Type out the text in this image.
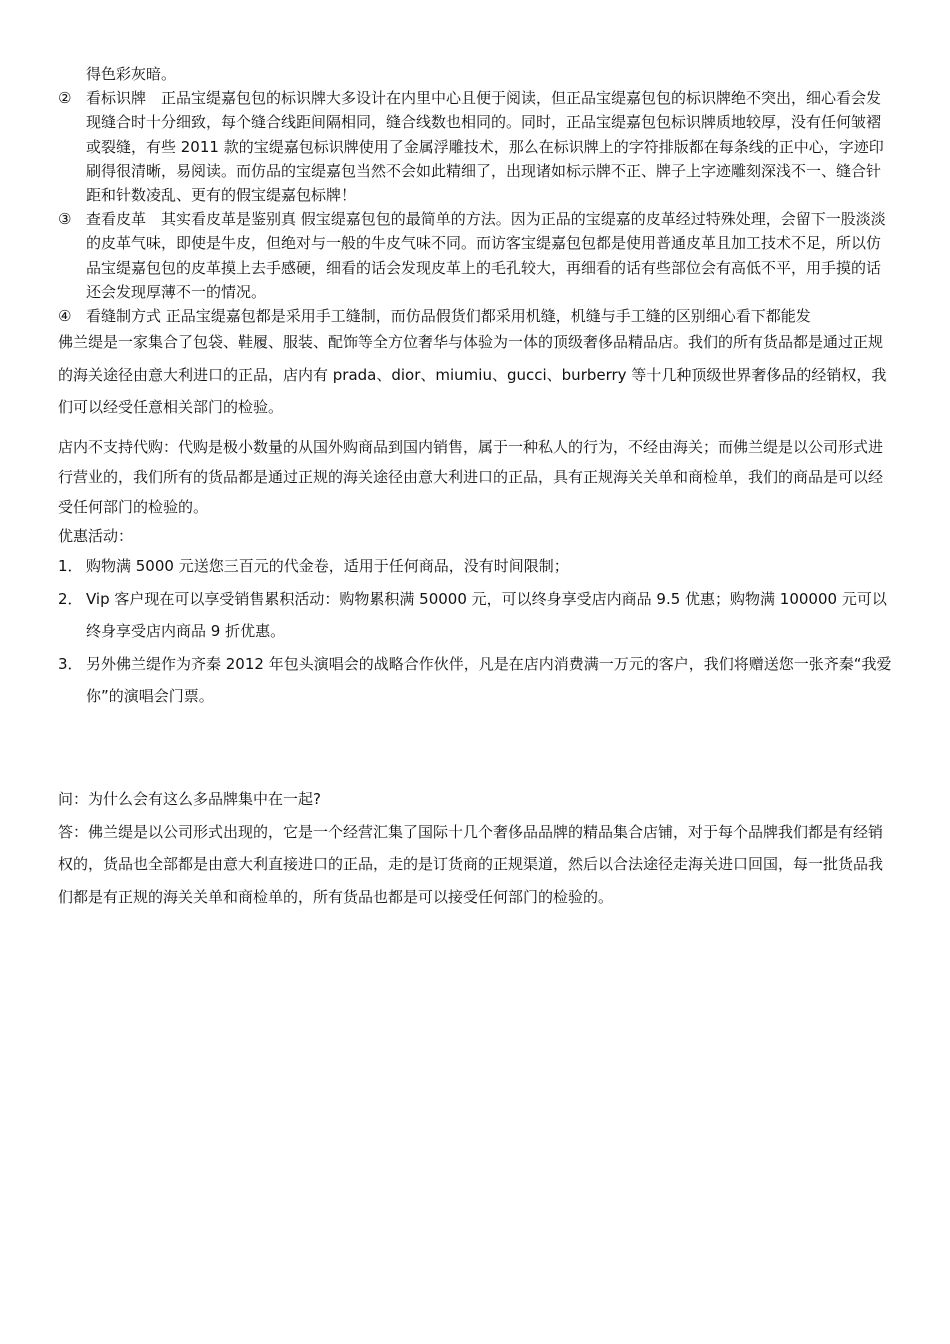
得色彩灰暗。

② 看标识牌　正品宝缇嘉包包的标识牌大多设计在内里中心且便于阅读，但正品宝缇嘉包包的标识牌绝不突出，细心看会发现缝合时十分细致，每个缝合线距间隔相同，缝合线数也相同的。同时，正品宝缇嘉包包标识牌质地较厚，没有任何皱褶或裂缝，有些 2011 款的宝缇嘉包标识牌使用了金属浮雕技术，那么在标识牌上的字符排版都在每条线的正中心，字迹印刷得很清晰，易阅读。而仿品的宝缇嘉包当然不会如此精细了，出现诸如标示牌不正、牌子上字迹雕刻深浅不一、缝合针距和针数凌乱、更有的假宝缇嘉包标牌！
③ 查看皮革　其实看皮革是鉴别真 假宝缇嘉包包的最简单的方法。因为正品的宝缇嘉的皮革经过特殊处理，会留下一股淡淡的皮革气味，即使是牛皮，但绝对与一般的牛皮气味不同。而访客宝缇嘉包包都是使用普通皮革且加工技术不足，所以仿品宝缇嘉包包的皮革摸上去手感硬，细看的话会发现皮革上的毛孔较大，再细看的话有些部位会有高低不平，用手摸的话还会发现厚薄不一的情况。
④ 看缝制方式 正品宝缇嘉包都是采用手工缝制，而仿品假货们都采用机缝，机缝与手工缝的区别细心看下都能发

佛兰缇是一家集合了包袋、鞋履、服装、配饰等全方位奢华与体验为一体的顶级奢侈品精品店。我们的所有货品都是通过正规的海关途径由意大利进口的正品，店内有 prada、dior、miumiu、gucci、burberry 等十几种顶级世界奢侈品的经销权，我们可以经受任意相关部门的检验。

店内不支持代购：代购是极小数量的从国外购商品到国内销售，属于一种私人的行为，不经由海关；而佛兰缇是以公司形式进行营业的，我们所有的货品都是通过正规的海关途径由意大利进口的正品，具有正规海关关单和商检单，我们的商品是可以经受任何部门的检验的。

优惠活动：

1． 购物满 5000 元送您三百元的代金卷，适用于任何商品，没有时间限制；
2． Vip 客户现在可以享受销售累积活动：购物累积满 50000 元，可以终身享受店内商品 9.5 优惠；购物满 100000 元可以终身享受店内商品 9 折优惠。
3． 另外佛兰缇作为齐秦 2012 年包头演唱会的战略合作伙伴，凡是在店内消费满一万元的客户，我们将赠送您一张齐秦“我爱你”的演唱会门票。

问：为什么会有这么多品牌集中在一起?

答：佛兰缇是以公司形式出现的，它是一个经营汇集了国际十几个奢侈品品牌的精品集合店铺，对于每个品牌我们都是有经销权的，货品也全部都是由意大利直接进口的正品，走的是订货商的正规渠道，然后以合法途径走海关进口回国，每一批货品我们都是有正规的海关关单和商检单的，所有货品也都是可以接受任何部门的检验的。
